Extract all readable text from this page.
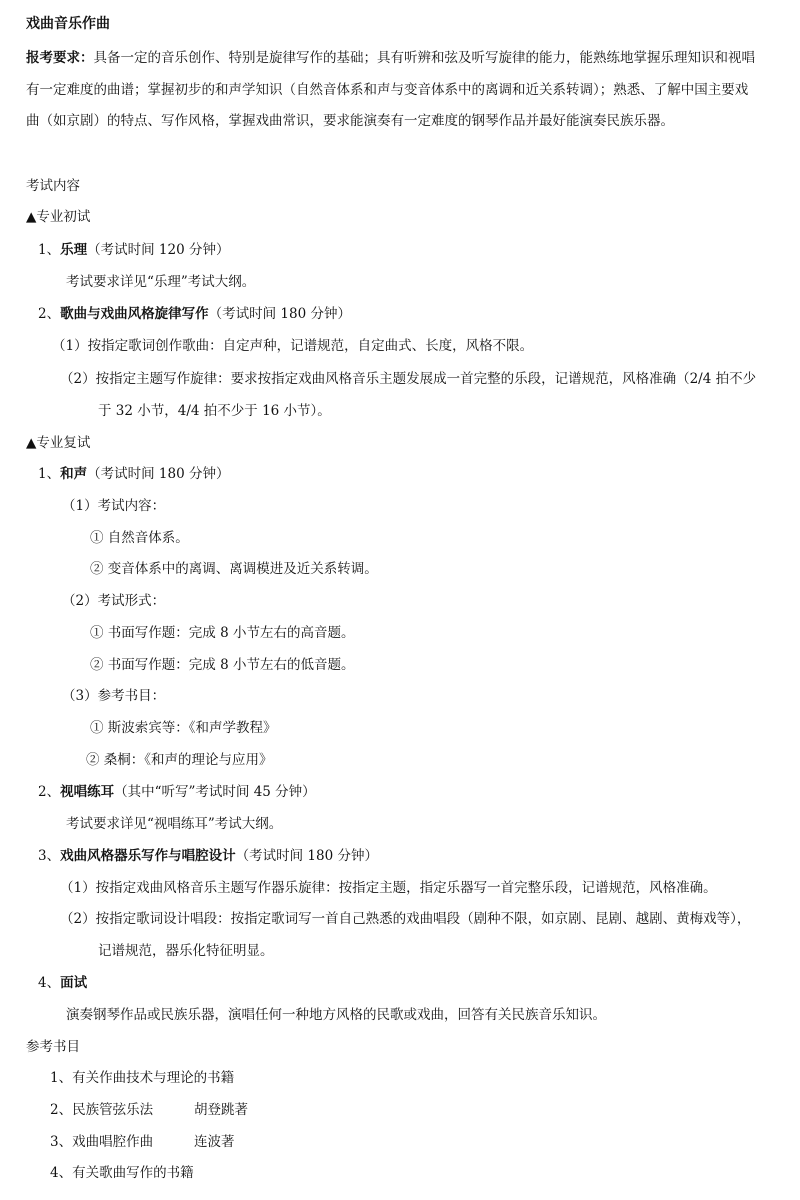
戏曲音乐作曲
报考要求：具备一定的音乐创作、特别是旋律写作的基础；具有听辨和弦及听写旋律的能力，能熟练地掌握乐理知识和视唱
有一定难度的曲谱；掌握初步的和声学知识（自然音体系和声与变音体系中的离调和近关系转调）；熟悉、了解中国主要戏
曲（如京剧）的特点、写作风格，掌握戏曲常识，要求能演奏有一定难度的钢琴作品并最好能演奏民族乐器。
考试内容
▲专业初试
1、乐理（考试时间 120 分钟）
考试要求详见“乐理”考试大纲。
2、歌曲与戏曲风格旋律写作（考试时间 180 分钟）
（1）按指定歌词创作歌曲：自定声种，记谱规范，自定曲式、长度，风格不限。
（2）按指定主题写作旋律：要求按指定戏曲风格音乐主题发展成一首完整的乐段，记谱规范，风格准确（2/4 拍不少
于 32 小节，4/4 拍不少于 16 小节）。
▲专业复试
1、和声（考试时间 180 分钟）
（1）考试内容：
① 自然音体系。
② 变音体系中的离调、离调模进及近关系转调。
（2）考试形式：
① 书面写作题：完成 8 小节左右的高音题。
② 书面写作题：完成 8 小节左右的低音题。
（3）参考书目：
① 斯波索宾等：《和声学教程》
② 桑桐：《和声的理论与应用》
2、视唱练耳（其中“听写”考试时间 45 分钟）
考试要求详见“视唱练耳”考试大纲。
3、戏曲风格器乐写作与唱腔设计（考试时间 180 分钟）
（1）按指定戏曲风格音乐主题写作器乐旋律：按指定主题，指定乐器写一首完整乐段，记谱规范，风格准确。
（2）按指定歌词设计唱段：按指定歌词写一首自己熟悉的戏曲唱段（剧种不限，如京剧、昆剧、越剧、黄梅戏等），
记谱规范，器乐化特征明显。
4、面试
演奏钢琴作品或民族乐器，演唱任何一种地方风格的民歌或戏曲，回答有关民族音乐知识。
参考书目
1、有关作曲技术与理论的书籍
2、民族管弦乐法	胡登跳著
3、戏曲唱腔作曲	连波著
4、有关歌曲写作的书籍
